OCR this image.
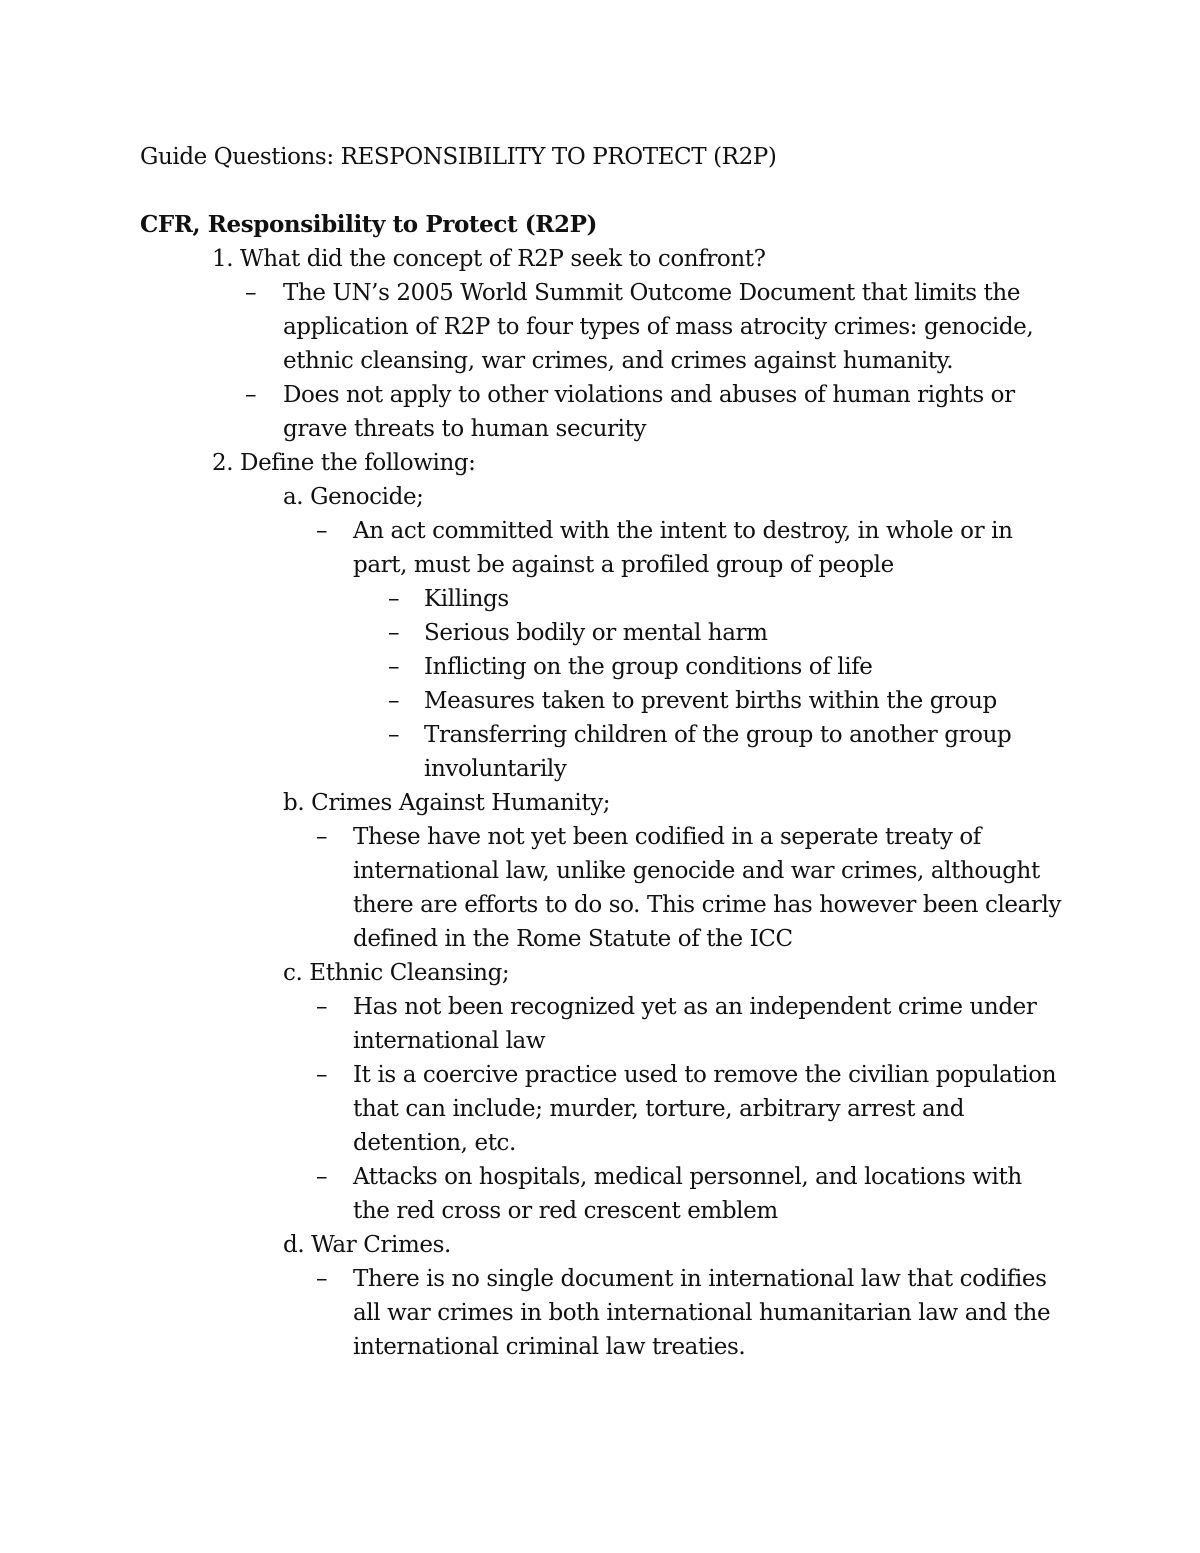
Guide Questions: RESPONSIBILITY TO PROTECT (R2P)
CFR, Responsibility to Protect (R2P)
1. What did the concept of R2P seek to confront?
– The UN’s 2005 World Summit Outcome Document that limits the
application of R2P to four types of mass atrocity crimes: genocide,
ethnic cleansing, war crimes, and crimes against humanity.
– Does not apply to other violations and abuses of human rights or
grave threats to human security
2. Define the following:
a. Genocide;
– An act committed with the intent to destroy, in whole or in
part, must be against a profiled group of people
– Killings
– Serious bodily or mental harm
– Inflicting on the group conditions of life
– Measures taken to prevent births within the group
– Transferring children of the group to another group
involuntarily
b. Crimes Against Humanity;
– These have not yet been codified in a seperate treaty of
international law, unlike genocide and war crimes, althought
there are efforts to do so. This crime has however been clearly
defined in the Rome Statute of the ICC
c. Ethnic Cleansing;
– Has not been recognized yet as an independent crime under
international law
– It is a coercive practice used to remove the civilian population
that can include; murder, torture, arbitrary arrest and
detention, etc.
– Attacks on hospitals, medical personnel, and locations with
the red cross or red crescent emblem
d. War Crimes.
– There is no single document in international law that codifies
all war crimes in both international humanitarian law and the
international criminal law treaties.
